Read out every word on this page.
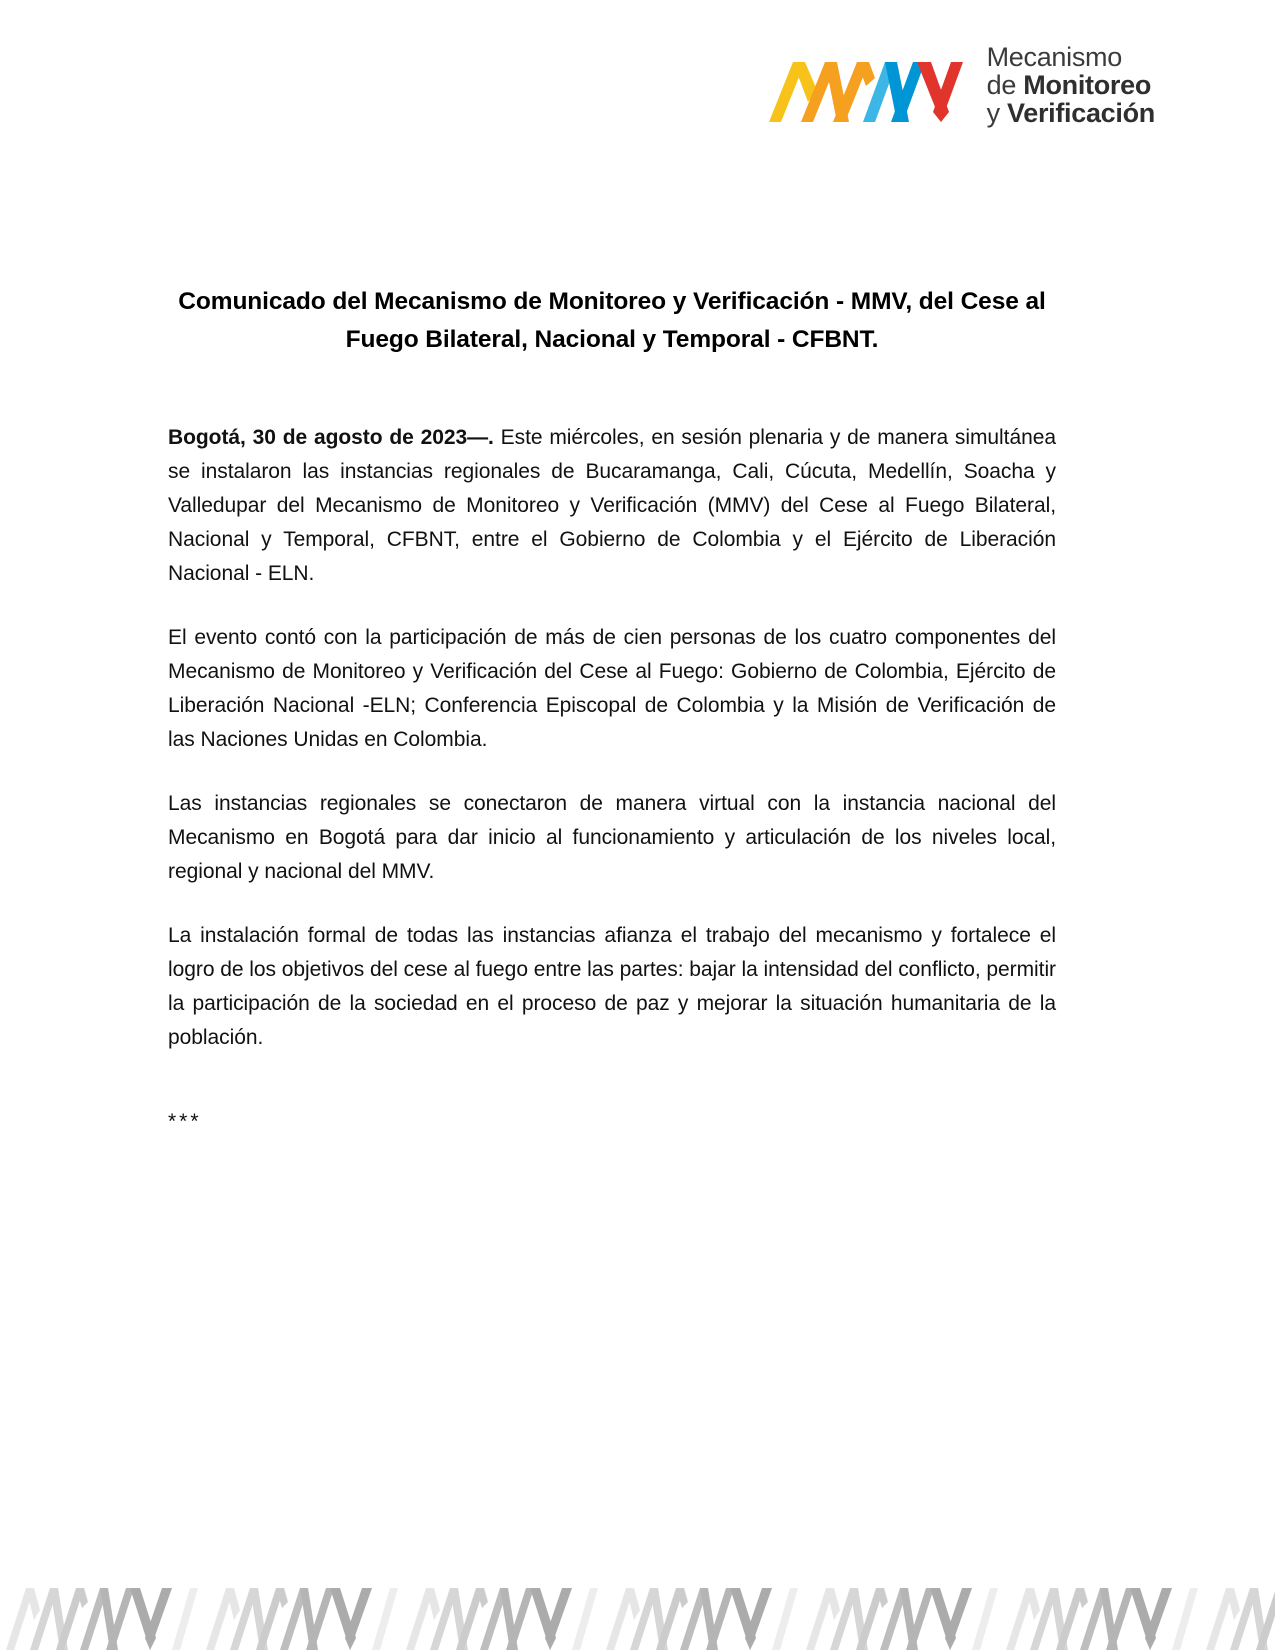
Mecanismo
de Monitoreo
y Verificación
Comunicado del Mecanismo de Monitoreo y Verificación - MMV, del Cese al Fuego Bilateral, Nacional y Temporal - CFBNT.

Bogotá, 30 de agosto de 2023—. Este miércoles, en sesión plenaria y de manera simultánea se instalaron las instancias regionales de Bucaramanga, Cali, Cúcuta, Medellín, Soacha y Valledupar del Mecanismo de Monitoreo y Verificación (MMV) del Cese al Fuego Bilateral, Nacional y Temporal, CFBNT, entre el Gobierno de Colombia y el Ejército de Liberación Nacional - ELN.

El evento contó con la participación de más de cien personas de los cuatro componentes del Mecanismo de Monitoreo y Verificación del Cese al Fuego: Gobierno de Colombia, Ejército de Liberación Nacional -ELN; Conferencia Episcopal de Colombia y la Misión de Verificación de las Naciones Unidas en Colombia.

Las instancias regionales se conectaron de manera virtual con la instancia nacional del Mecanismo en Bogotá para dar inicio al funcionamiento y articulación de los niveles local, regional y nacional del MMV.

La instalación formal de todas las instancias afianza el trabajo del mecanismo y fortalece el logro de los objetivos del cese al fuego entre las partes: bajar la intensidad del conflicto, permitir la participación de la sociedad en el proceso de paz y mejorar la situación humanitaria de la población.

***
